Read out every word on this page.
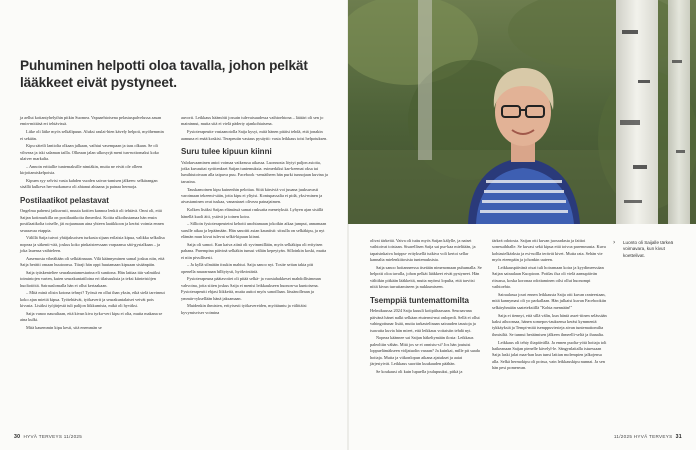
Puhuminen helpotti oloa tavalla, johon pelkät lääkkeet eivät pystyneet.

ja aellut kotiantyhelyihin pitkin Suomea. Vapaaehtoisena pelastuspalvelussa aasan emin-mittäsä eri tehtävissä.

Liike oli läike myös selkälipuun. Aluksi raulai-hien kävely helpoti, myöhemmin ei sekään.

Kipu säteili lantiolta olkaan jalkaan, vaihtui vasempaan ja taas olkaan. Se oli vihveaa ja iski salaman tailla. Olkeaan jalan ulkosyrjä meni tun-nottomaksi koko ulaiver markalta.

– Annoin erittallie tuntemaksille nimiäkin, muita ne eivät ole olleen kirjoitamiskelpoisia.

Kipuen syy selvisi vasta kahden vuoden saivas-tamisen jälkeen: selkärangan sisällä kulkeva her-mokanava oli ahtanut ahtaana ja painaa hermoja.

Postilaatikot pelastavat

Ongelma pahensi jatkuvasti, muuta kotiien kannoa lenkit oli tehtävä. Onni oli, että Saijan kotimurkilla on postilaatikoita ihmeriksi. Koitta ulkoilustamaa hän ensin postilaatikolta toiselle, jäi nojaamaan aina yhteen laatikkoon ja keräsi voimia ennen seuraavaa etappia.

Välillä Saija tutvoi yhtäjaksoisen turkasta sijaan erilaisia kipua, valikka selkalisa nopeaa ja säkenti-vää, joskus koko pinkaisteessaan varpaansa sätt-gystalkaan – ja joka lauensa vaihteleen.

Aasemosta vibeältään oli selkiäinnaan. Vilä käännyminen samal joskus niin, että Saija herätti omaan huutoonsa. Tiiraji hän oppi huutamaan kipuaan sisäänpäin.

Saija tyäskenteltee seurakuntamestarina eli suntiona. Hän lattiaa itär valmiiksi toimintojen varten, kuten seurakuntatiloina eri tilaisuuksia ja teksi kiinteistöjen huoltotöitä. Sairauslomalla hän ei ollut kertaakaan.

– Mitä minä olisin kotona tehnyt? Työssä en ollut ihan yksin, eikä sielä tarvinnut koko ajan mietiä kipua. Työtehtävät, työkaverit ja seurakuntalaiset veivät pois kivusta. Lisäksi työjärjestä tuli palijon liikkumista, mikä oli hyväksi.

Saija vanoo nauraltaan, että kivun kiva tyrka-veri kipu ei olta, mutta makana se aina kulki.

Mitä kauemmin kipu kesti, sitä enemmän se

auvorti. Leikkaus häämötti jossain tulevaisuudessa vaihtoehtona – läätäri oli sen jo maininnut, mutta sitä ei vielä päderty ajankohtaisena.

Fysioterapeutte vastaanotolla Saija kysyi, mitä hänen pitäisi tehdä, että jonakin aamuna ei enää koskisi. Terapeutin vastaus pysäytti: vasta leikkaus toisi helpotuksen.

Suru tulee kipuun kiinni

Valokuvaaminen antoi voimaa vaikeassa aikassa. Luonnosta löytyi paljon asioita, jotka kuvauttat syrittenkset Saijan tuntemuksia. esimerkiksi kar-keemat oksa tai lumihiutoivaan alla taipuva puu. Facebook -sensäiheen hän purki tunnojaan kuvina ja tarusina.

Tauskamoinen kipu kuinenhin pelottaa. Siitä kärsiviä voi juuana juuksuvasti varotmaan tekeemi-sään, jotta kipu ei yltyisi. Kontupassalia ei pidä, yksi-minen ja aivastaminen ovat tuskaa, vanantaset oliveza painajaimen.

Kolken lisäksi Saijan elämässä samat rasksatta menetyksiä. Lyhyen ajan sisällä hänellä kuoli äiti, ystävä ja toinen koira.

– Sillioin fysioterapeuteini kehotti unohtamaan jokoikin aikaa jumput, annamaan surulle aikaa ja lepäämään. Hän sanoitti asian kauniisti: sitsulla on selkäkipu, ja nyt elämän mun kivut tulevat selkä-kipuun kiinni.

Saija oli samoi. Kun kaiva aiinä oli syvimmillään, myös selkäkipu oli erityisen pahana. Parempina päivinä selkäkin tunsui väliän kepeytyän. Silloinkin koski, mutta ei niin pivullisesti.

– Ja kyllä silmätän itsukin mahtui. Saija sanoo nyt. Tosite seitan takia pitt openella naurarnaan hilltyiysti, hyökvintäriä.

Fysioterapeuna päätavotiet oli pitää selkä- ja vaostahakkeset mahdollisimman vahvoina, jotta siiten joskus Saija ei menisi leikkaukseen huonon-sa kuntoisena. Fysioterapeutti ehjasi liikkeitä, mutta auttoi myös sanoillaan. lässänolleaan ja ymmär-ryksellään hänä jaksamaan.

Muidenkin ihmisten, erityisesti työkavereiden, myötäuntu ja välittäisi kyvymisviser voimina

› Luonto oli Saijalle tärkeä voimavara, kun kivut koettelivat.

olivat tärkeitä. Vaiva oli tuttu myös Saijan kälylle, ja naiset vaihtoivat toistaan. Sisarellisen Saija sai pur-kaa mielitään, ja tapaisinkaiva hoippu- erityksellä tutkiva voli kertoi sellar kannalta mielenkiitosista tuntemuksista.

Saija sanoo hoitanneessa itsetään nimenomaan puhumalla. Se helpotti oloa tavalla, johon pelkät lääkkeet eivät pystyneet. Hän välttikin pitkään lääkkeitä, mutta myönsi lopulta, että tarvitsi niitä kivun turruttamiseen ja nukkumiseen.

Tsemppiä tuntemattomilta

Helmikuussa 2024 Saija kuuuli kotipiihaasaan. Seuraavana päivänä hänet nalkt selkäan etutermi-nut onlopedi. Sellä ei ollut vahingottunar lisää, mutta tarkastelinaan sairauden taustoja ja tsawatta kuvia hän mieet, että leikkaus voitaisiin tehdä nyt.

Nopeaa käännee sai Saijan häkeltymään ilosta: Leikkaus paleoltiin vähän. Mitä jos se ei onnistu-si? Jos hän joutuisi loppuelämäkseen vidjatuolin varaan? Ja kuinkai, mille pit saada hoitaja. Mutta ja viikonlopun aikana ajatukset ja aaiat järjestyivät. Leikkaus suoritin kuukauden päähän.

Se koukausi oli kuin lupuella joulupuuksi, pitkä ja

tärkeä odotosta. Saijan otti kuvan juosradasta ja faittoi sonesuihhalle. Se kuvasi sekä kipua että toivoa paremmasta. Kuva kohtasielkärksta ja esi-nollla terävät kivet. Mutta rata. Sehän vie myös eteenpäin ja johonkin uuteen.

Leikkauspäivänä otsat tuli hoiramaan koira ja kyydimeessäan Saijan sairaalaan Kuopioon. Pottlas ilsa oli vielä aamupäivän ritsussa, koska koronaa odottaminen oilsi ollut huonompi vaihtoehto.

Sairaalassa jouri ennen leikkausta Saija otti kuvan ranteestaan, mitä kannymasi oli yo parkallaan. Hän julkaisi kuvan Facebookiin selkäryhmään saatetekstillä "Kohta mennään!"

Saija ei tiennyt, että sillä välin, kun häntä asset-tiinen selässään kaksi aihoonsaa, hänen somepos-tauksensa keräsi kymmeniä tykkäyksiä ja Tempt-mitä tsemppuviesteja aivan tuntemattomilta ihmisiltä. Se tunnui heräämisen jälkeen ihmeelli-seltä ja ihanalta.

Leikkaus oli tehty iltapäivällä. Ja ennen puolta-yötä hoitaja toli haikeanaan Saijan pienelle kävelyl-le. Sängynlaitalla istuessaan Saija laski jalat maa-han kun tunsi lattian molempien jalkojensa alla. Selkä hermokipu oli poissa, vain leikkauskipu nunnai. Ja sen hän pesi pomenvan.

30 HYVÄ TERVEYS 11/2025	11/2025 HYVÄ TERVEYS 31
